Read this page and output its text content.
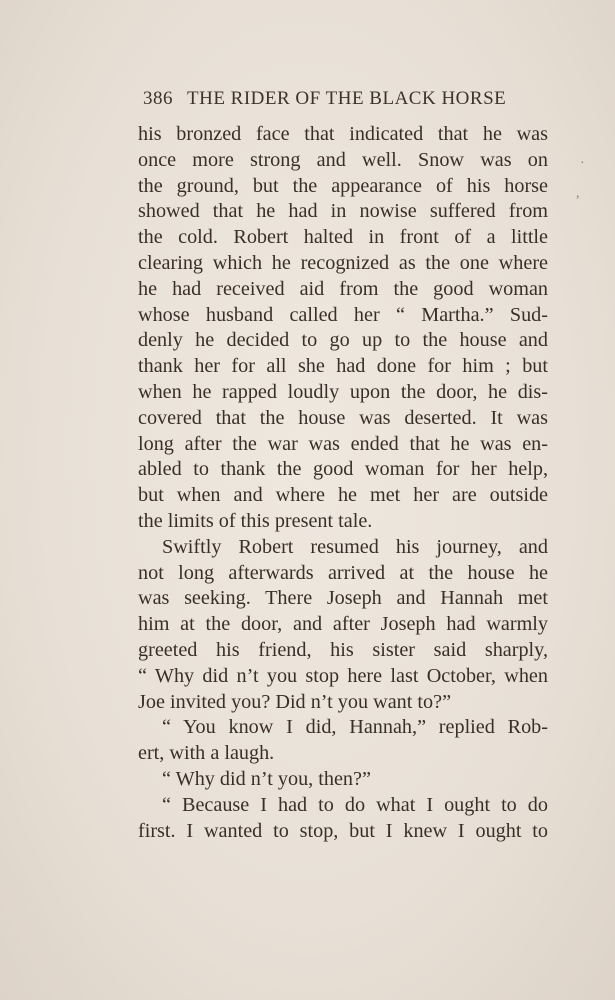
386 THE RIDER OF THE BLACK HORSE
his bronzed face that indicated that he was
once more strong and well. Snow was on
the ground, but the appearance of his horse
showed that he had in nowise suffered from
the cold. Robert halted in front of a little
clearing which he recognized as the one where
he had received aid from the good woman
whose husband called her “ Martha.” Sud-
denly he decided to go up to the house and
thank her for all she had done for him ; but
when he rapped loudly upon the door, he dis-
covered that the house was deserted. It was
long after the war was ended that he was en-
abled to thank the good woman for her help,
but when and where he met her are outside
the limits of this present tale.
Swiftly Robert resumed his journey, and
not long afterwards arrived at the house he
was seeking. There Joseph and Hannah met
him at the door, and after Joseph had warmly
greeted his friend, his sister said sharply,
“ Why did n’t you stop here last October, when
Joe invited you? Did n’t you want to?”
“ You know I did, Hannah,” replied Rob-
ert, with a laugh.
“ Why did n’t you, then?”
“ Because I had to do what I ought to do
first. I wanted to stop, but I knew I ought to
·
,
